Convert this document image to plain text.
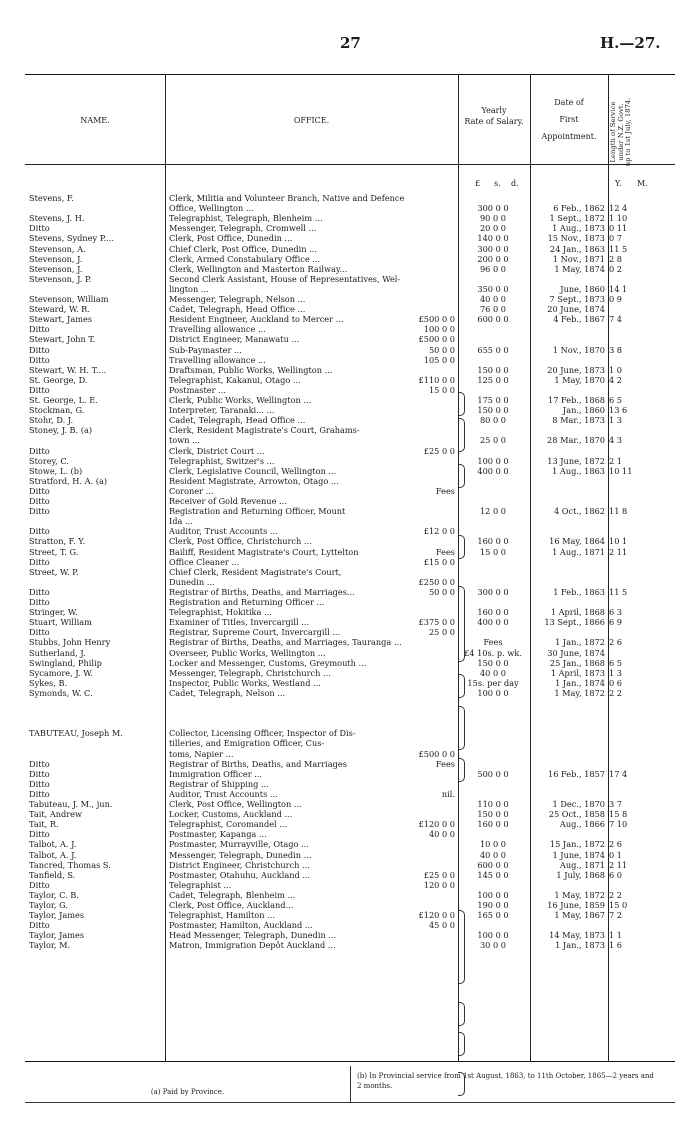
27	H.—27.
NAME.	OFFICE.
Yearly
Rate of Salary.
Date of
First
Appointment.	Length of Service under N.Z. Govt. up to 1st July, 1874.
£ s. d.	Y. M.
Stevens, F.	Clerk, Militia and Volunteer Branch, Native and Defence
Office, Wellington ...	300 0 0	6 Feb., 1862 12 4
Stevens, J. H.	Telegraphist, Telegraph, Blenheim ...	90 0 0	1 Sept., 1872 1 10
Ditto	Messenger, Telegraph, Cromwell ...	20 0 0	1 Aug., 1873 0 11
Stevens, Sydney P....	Clerk, Post Office, Dunedin ...	140 0 0	15 Nov., 1873 0 7
Stevenson, A.	Chief Clerk, Post Office, Dunedin ...	300 0 0	24 Jan., 1863 11 5
Stevenson, J.	Clerk, Armed Constabulary Office ...	200 0 0	1 Nov., 1871 2 8
Stevenson, J.	Clerk, Wellington and Masterton Railway...	96 0 0	1 May, 1874 0 2
Stevenson, J. P.	Second Clerk Assistant, House of Representatives, Wel-
lington ...	350 0 0	June, 1860 14 1
Stevenson, William	Messenger, Telegraph, Nelson ...	40 0 0	7 Sept., 1873 0 9
Steward, W. R.	Cadet, Telegraph, Head Office ...	76 0 0	20 June, 1874
Stewart, James	Resident Engineer, Auckland to Mercer ...	£500 0 0	600 0 0	4 Feb., 1867 7 4
Ditto	Travelling allowance ...	100 0 0
Stewart, John T.	District Engineer, Manawatu ...	£500 0 0
Ditto	Sub-Paymaster ...	50 0 0	655 0 0	1 Nov., 1870 3 8
Ditto	Travelling allowance ...	105 0 0
Stewart, W. H. T....	Draftsman, Public Works, Wellington ...	150 0 0	20 June, 1873 1 0
St. George, D.	Telegraphist, Kakanui, Otago ...	£110 0 0	125 0 0	1 May, 1870 4 2
Ditto	Postmaster ...	15 0 0
St. George, L. E.	Clerk, Public Works, Wellington ...	175 0 0	17 Feb., 1868 6 5
Stockman, G.	Interpreter, Taranaki... ...	150 0 0	Jan., 1860 13 6
Stohr, D. J.	Cadet, Telegraph, Head Office ...	80 0 0	8 Mar., 1873 1 3
Stoney, J. B. (a)	Clerk, Resident Magistrate's Court, Grahams-
town ...	25 0 0	28 Mar., 1870 4 3
Ditto	Clerk, District Court ...	£25 0 0
Storey, C.	Telegraphist, Switzer's ...	100 0 0	13 June, 1872 2 1
Stowe, L. (b)	Clerk, Legislative Council, Wellington ...	400 0 0	1 Aug., 1863 10 11
Stratford, H. A. (a)	Resident Magistrate, Arrowton, Otago ...
Ditto	Coroner ...	Fees
Ditto	Receiver of Gold Revenue ...
Ditto	Registration and Returning Officer, Mount	12 0 0	4 Oct., 1862 11 8
Ida ...
Ditto	Auditor, Trust Accounts ...	£12 0 0
Stratton, F. Y.	Clerk, Post Office, Christchurch ...	160 0 0	16 May, 1864 10 1
Street, T. G.	Bailiff, Resident Magistrate's Court, Lyttelton	Fees	15 0 0	1 Aug., 1871 2 11
Ditto	Office Cleaner ...	£15 0 0
Street, W. P.	Chief Clerk, Resident Magistrate's Court,
Dunedin ...	£250 0 0
Ditto	Registrar of Births, Deaths, and Marriages...	50 0 0	300 0 0	1 Feb., 1863 11 5
Ditto	Registration and Returning Officer ...
Stringer, W.	Telegraphist, Hokitika ...	160 0 0	1 April, 1868 6 3
Stuart, William	Examiner of Titles, Invercargill ...	£375 0 0	400 0 0	13 Sept., 1866 6 9
Ditto	Registrar, Supreme Court, Invercargill ...	25 0 0
Stubbs, John Henry	Registrar of Births, Deaths, and Marriages, Tauranga ...	Fees	1 Jan., 1872 2 6
Sutherland, J.	Overseer, Public Works, Wellington ...	£4 10s. p. wk.	30 June, 1874
Swingland, Philip	Locker and Messenger, Customs, Greymouth ...	150 0 0	25 Jan., 1868 6 5
Sycamore, J. W.	Messenger, Telegraph, Christchurch ...	40 0 0	1 April, 1873 1 3
Sykes, B.	Inspector, Public Works, Westland ...	15s. per day	1 Jan., 1874 0 6
Symonds, W. C.	Cadet, Telegraph, Nelson ...	100 0 0	1 May, 1872 2 2
TABUTEAU, Joseph M.	Collector, Licensing Officer, Inspector of Dis-
tilleries, and Emigration Officer, Cus-
toms, Napier ...	£500 0 0
Ditto	Registrar of Births, Deaths, and Marriages	Fees
Ditto	Immigration Officer ...	500 0 0	16 Feb., 1857 17 4
Ditto	Registrar of Shipping ...
Ditto	Auditor, Trust Accounts ...	nil.
Tabuteau, J. M., jun.	Clerk, Post Office, Wellington ...	110 0 0	1 Dec., 1870 3 7
Tait, Andrew	Locker, Customs, Auckland ...	150 0 0	25 Oct., 1858 15 8
Tait, R.	Telegraphist, Coromandel ...	£120 0 0	160 0 0	Aug., 1866 7 10
Ditto	Postmaster, Kapanga ...	40 0 0
Talbot, A. J.	Postmaster, Murrayville, Otago ...	10 0 0	15 Jan., 1872 2 6
Talbot, A. J.	Messenger, Telegraph, Dunedin ...	40 0 0	1 June, 1874 0 1
Tancred, Thomas S.	District Engineer, Christchurch ...	600 0 0	Aug., 1871 2 11
Tanfield, S.	Postmaster, Otahuhu, Auckland ...	£25 0 0	145 0 0	1 July, 1868 6 0
Ditto	Telegraphist ...	120 0 0
Taylor, C. B.	Cadet, Telegraph, Blenheim ...	100 0 0	1 May, 1872 2 2
Taylor, G.	Clerk, Post Office, Auckland...	190 0 0	16 June, 1859 15 0
Taylor, James	Telegraphist, Hamilton ...	£120 0 0	165 0 0	1 May, 1867 7 2
Ditto	Postmaster, Hamilton, Auckland ...	45 0 0
Taylor, James	Head Messenger, Telegraph, Dunedin ...	100 0 0	14 May, 1873 1 1
Taylor, M.	Matron, Immigration Depôt Auckland ...	30 0 0	1 Jan., 1873 1 6
(a) Paid by Province.
(b) In Provincial service from 1st August, 1863, to 11th October, 1865—2 years and 2 months.
